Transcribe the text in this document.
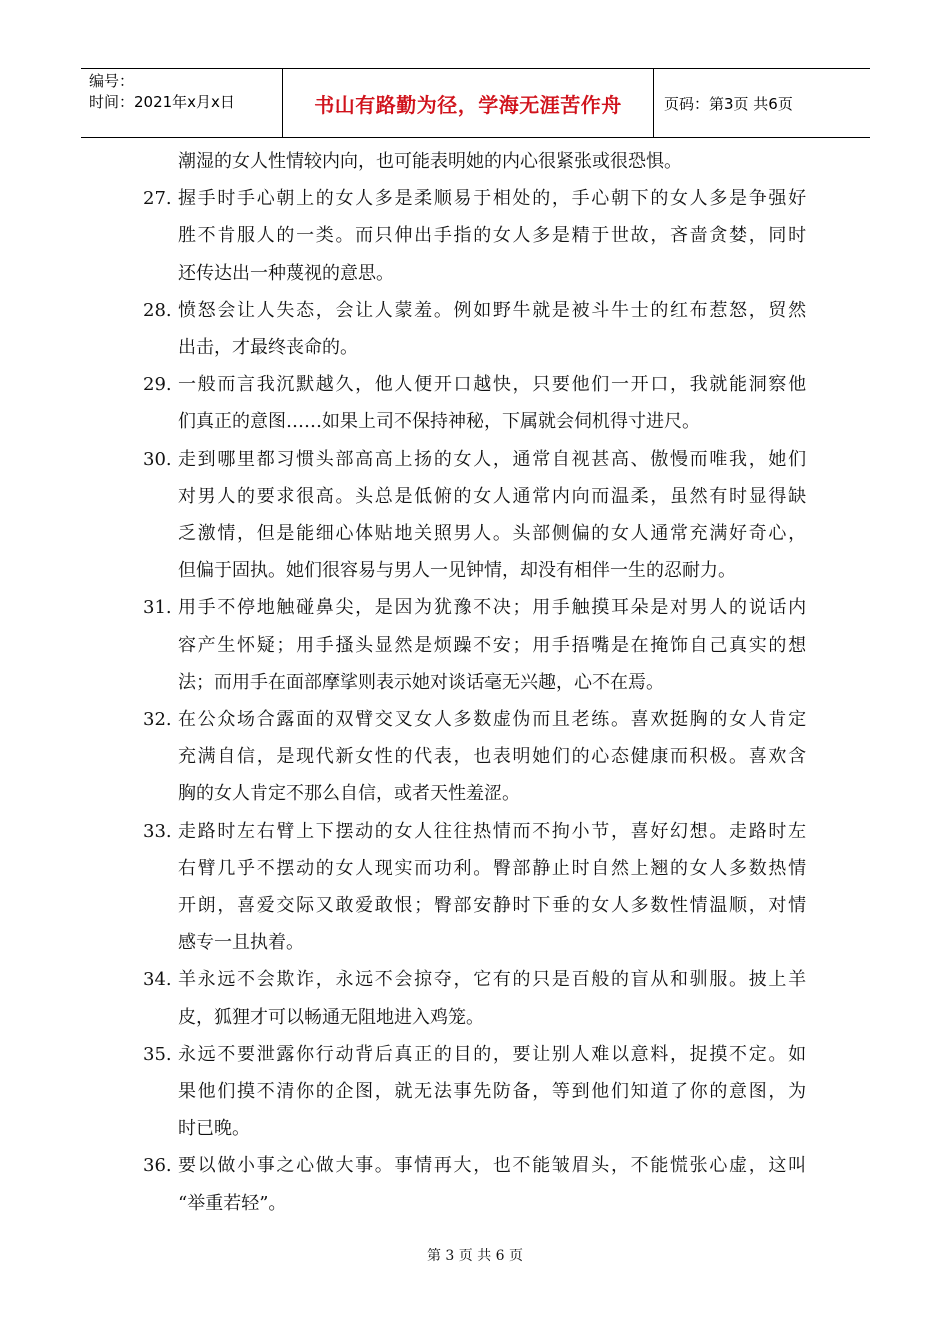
编号：
时间：2021年x月x日	书山有路勤为径，学海无涯苦作舟	页码：第3页 共6页
潮湿的女人性情较内向，也可能表明她的内心很紧张或很恐惧。
27. 握手时手心朝上的女人多是柔顺易于相处的，手心朝下的女人多是争强好
胜不肯服人的一类。而只伸出手指的女人多是精于世故，吝啬贪婪，同时
还传达出一种蔑视的意思。
28. 愤怒会让人失态，会让人蒙羞。例如野牛就是被斗牛士的红布惹怒，贸然
出击，才最终丧命的。
29. 一般而言我沉默越久，他人便开口越快，只要他们一开口，我就能洞察他
们真正的意图……如果上司不保持神秘，下属就会伺机得寸进尺。
30. 走到哪里都习惯头部高高上扬的女人，通常自视甚高、傲慢而唯我，她们
对男人的要求很高。头总是低俯的女人通常内向而温柔，虽然有时显得缺
乏激情，但是能细心体贴地关照男人。头部侧偏的女人通常充满好奇心，
但偏于固执。她们很容易与男人一见钟情，却没有相伴一生的忍耐力。
31. 用手不停地触碰鼻尖，是因为犹豫不决；用手触摸耳朵是对男人的说话内
容产生怀疑；用手搔头显然是烦躁不安；用手捂嘴是在掩饰自己真实的想
法；而用手在面部摩挲则表示她对谈话毫无兴趣，心不在焉。
32. 在公众场合露面的双臂交叉女人多数虚伪而且老练。喜欢挺胸的女人肯定
充满自信，是现代新女性的代表，也表明她们的心态健康而积极。喜欢含
胸的女人肯定不那么自信，或者天性羞涩。
33. 走路时左右臂上下摆动的女人往往热情而不拘小节，喜好幻想。走路时左
右臂几乎不摆动的女人现实而功利。臀部静止时自然上翘的女人多数热情
开朗，喜爱交际又敢爱敢恨；臀部安静时下垂的女人多数性情温顺，对情
感专一且执着。
34. 羊永远不会欺诈，永远不会掠夺，它有的只是百般的盲从和驯服。披上羊
皮，狐狸才可以畅通无阻地进入鸡笼。
35. 永远不要泄露你行动背后真正的目的，要让别人难以意料，捉摸不定。如
果他们摸不清你的企图，就无法事先防备，等到他们知道了你的意图，为
时已晚。
36. 要以做小事之心做大事。事情再大，也不能皱眉头，不能慌张心虚，这叫
“举重若轻”。
第 3 页 共 6 页
